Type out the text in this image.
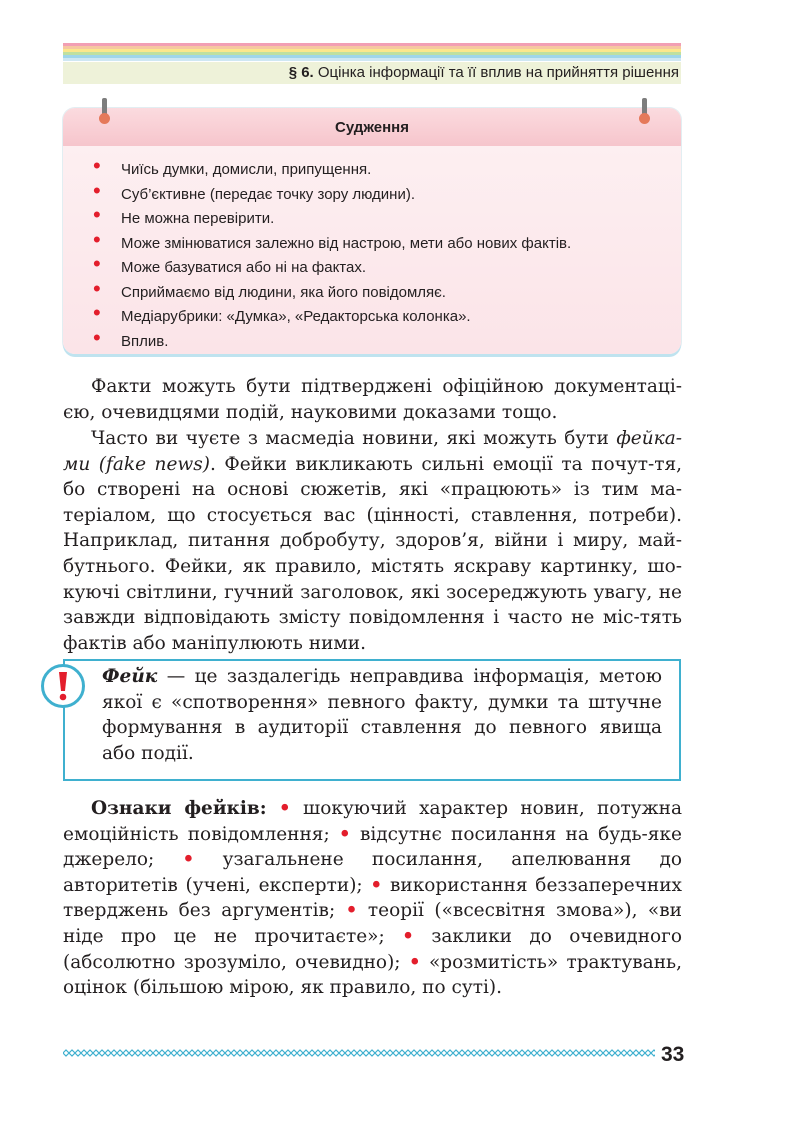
§ 6. Оцінка інформації та її вплив на прийняття рішення
Судження
• Чиїсь думки, домисли, припущення.
• Суб’єктивне (передає точку зору людини).
• Не можна перевірити.
• Може змінюватися залежно від настрою, мети або нових фактів.
• Може базуватися або ні на фактах.
• Сприймаємо від людини, яка його повідомляє.
• Медіарубрики: «Думка», «Редакторська колонка».
• Вплив.
Факти можуть бути підтверджені офіційною документаці-єю, очевидцями подій, науковими доказами тощо.
Часто ви чуєте з масмедіа новини, які можуть бути фейка-ми (fake news). Фейки викликають сильні емоції та почут-тя, бо створені на основі сюжетів, які «працюють» із тим ма-теріалом, що стосується вас (цінності, ставлення, потреби). Наприклад, питання добробуту, здоров’я, війни і миру, май-бутнього. Фейки, як правило, містять яскраву картинку, шо-куючі світлини, гучний заголовок, які зосереджують увагу, не завжди відповідають змісту повідомлення і часто не міс-тять фактів або маніпулюють ними.
Фейк — це заздалегідь неправдива інформація, метою якої є «спотворення» певного факту, думки та штучне формування в аудиторії ставлення до певного явища або події.
Ознаки фейків: • шокуючий характер новин, потужна емоційність повідомлення; • відсутнє посилання на будь-яке джерело; • узагальнене посилання, апелювання до авторитетів (учені, експерти); • використання беззаперечних тверджень без аргументів; • теорії («всесвітня змова»), «ви ніде про це не прочитаєте»; • заклики до очевидного (абсолютно зрозуміло, очевидно); • «розмитість» трактувань, оцінок (більшою мірою, як правило, по суті).
33
